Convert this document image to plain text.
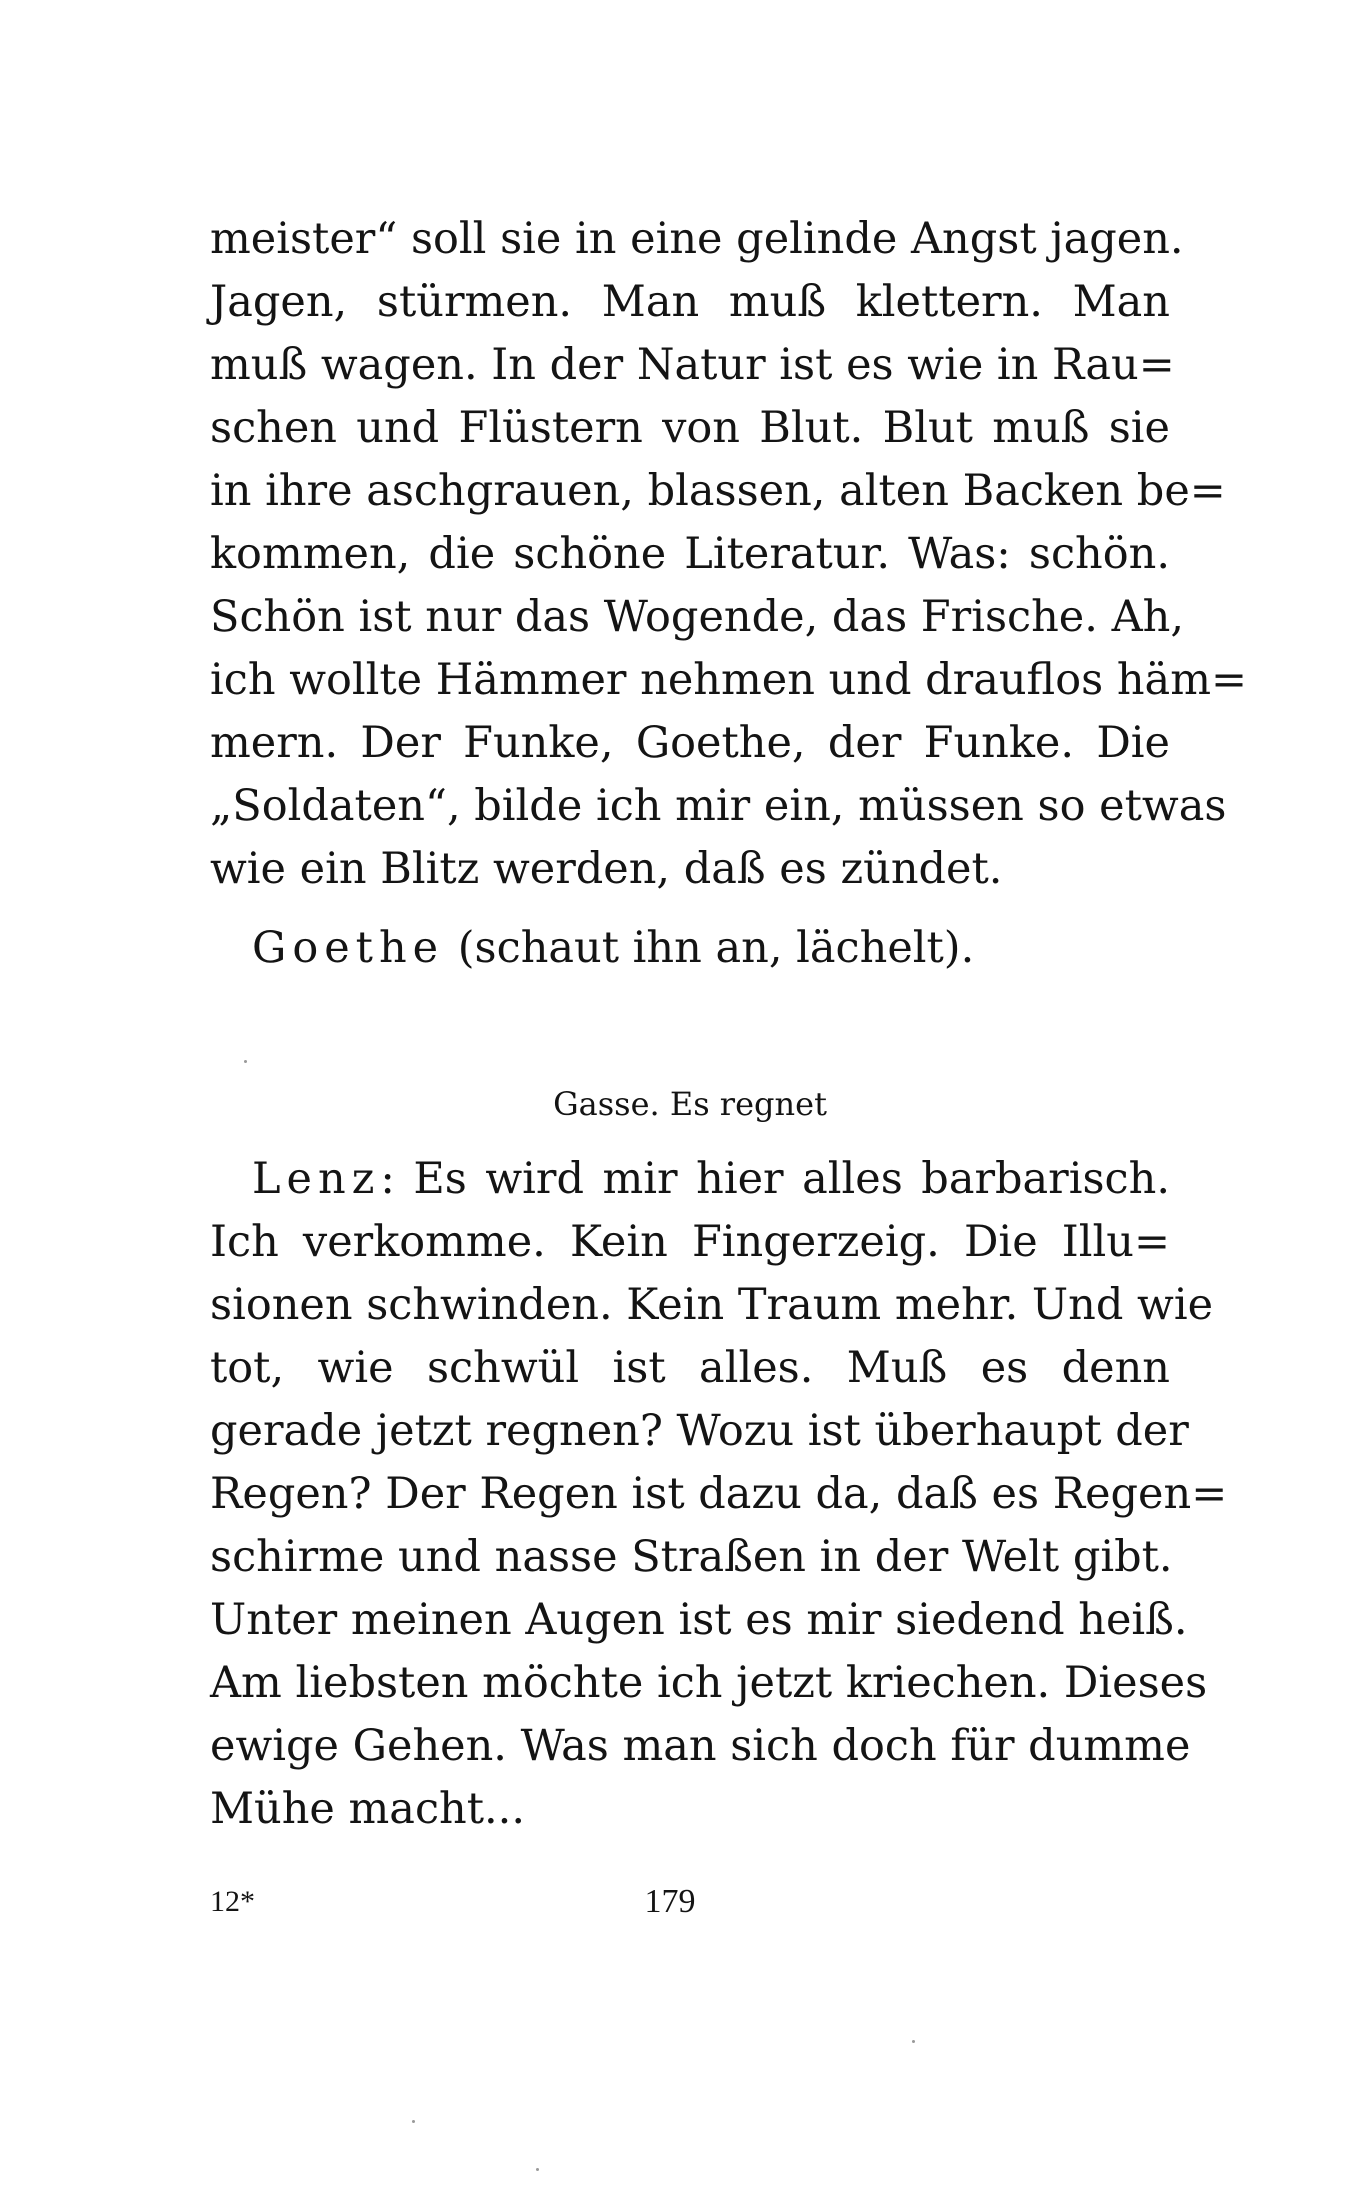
meister“ soll sie in eine gelinde Angst jagen.
Jagen, stürmen. Man muß klettern. Man
muß wagen. In der Natur ist es wie in Rau=
schen und Flüstern von Blut. Blut muß sie
in ihre aschgrauen, blassen, alten Backen be=
kommen, die schöne Literatur. Was: schön.
Schön ist nur das Wogende, das Frische. Ah,
ich wollte Hämmer nehmen und drauflos häm=
mern. Der Funke, Goethe, der Funke. Die
„Soldaten“, bilde ich mir ein, müssen so etwas
wie ein Blitz werden, daß es zündet.
Goethe (schaut ihn an, lächelt).
Gasse. Es regnet
Lenz: Es wird mir hier alles barbarisch.
Ich verkomme. Kein Fingerzeig. Die Illu=
sionen schwinden. Kein Traum mehr. Und wie
tot, wie schwül ist alles. Muß es denn
gerade jetzt regnen? Wozu ist überhaupt der
Regen? Der Regen ist dazu da, daß es Regen=
schirme und nasse Straßen in der Welt gibt.
Unter meinen Augen ist es mir siedend heiß.
Am liebsten möchte ich jetzt kriechen. Dieses
ewige Gehen. Was man sich doch für dumme
Mühe macht...
12*	179
